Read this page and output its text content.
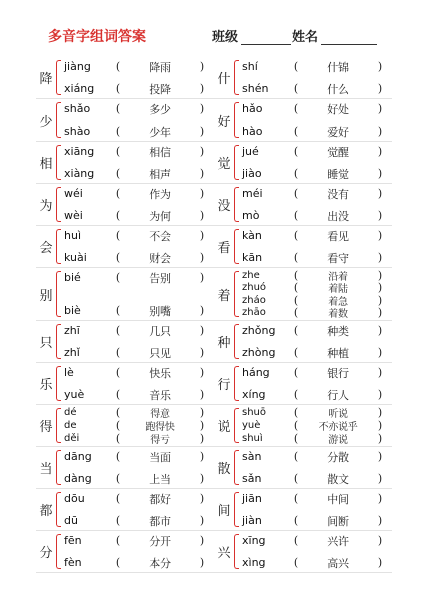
多音字组词答案	班级	姓名
降
jiàng	(	降雨	)
xiáng	(	投降	)
什
shí	(	什锦	)
shén	(	什么	)
少
shǎo	(	多少	)
shào	(	少年	)
好
hǎo	(	好处	)
hào	(	爱好	)
相
xiāng	(	相信	)
xiàng	(	相声	)
觉
jué	(	觉醒	)
jiào	(	睡觉	)
为
wéi	(	作为	)
wèi	(	为何	)
没
méi	(	没有	)
mò	(	出没	)
会
huì	(	不会	)
kuài	(	财会	)
看
kàn	(	看见	)
kān	(	看守	)
别
bié	(	告别	)
biè	(	别嘴	)
着
zhe	(	沿着	)
zhuó	(	着陆	)
zháo	(	着急	)
zhāo	(	着数	)
只
zhī	(	几只	)
zhǐ	(	只见	)
种
zhǒng	(	种类	)
zhòng	(	种植	)
乐
lè	(	快乐	)
yuè	(	音乐	)
行
háng	(	银行	)
xíng	(	行人	)
得
dé	(	得意	)
de	(	跑得快	)
děi	(	得亏	)
说
shuō	(	听说	)
yuè	(	不亦说乎	)
shuì	(	游说	)
当
dāng	(	当面	)
dàng	(	上当	)
散
sàn	(	分散	)
sǎn	(	散文	)
都
dōu	(	都好	)
dū	(	都市	)
间
jiān	(	中间	)
jiàn	(	间断	)
分
fēn	(	分开	)
fèn	(	本分	)
兴
xīng	(	兴许	)
xìng	(	高兴	)
